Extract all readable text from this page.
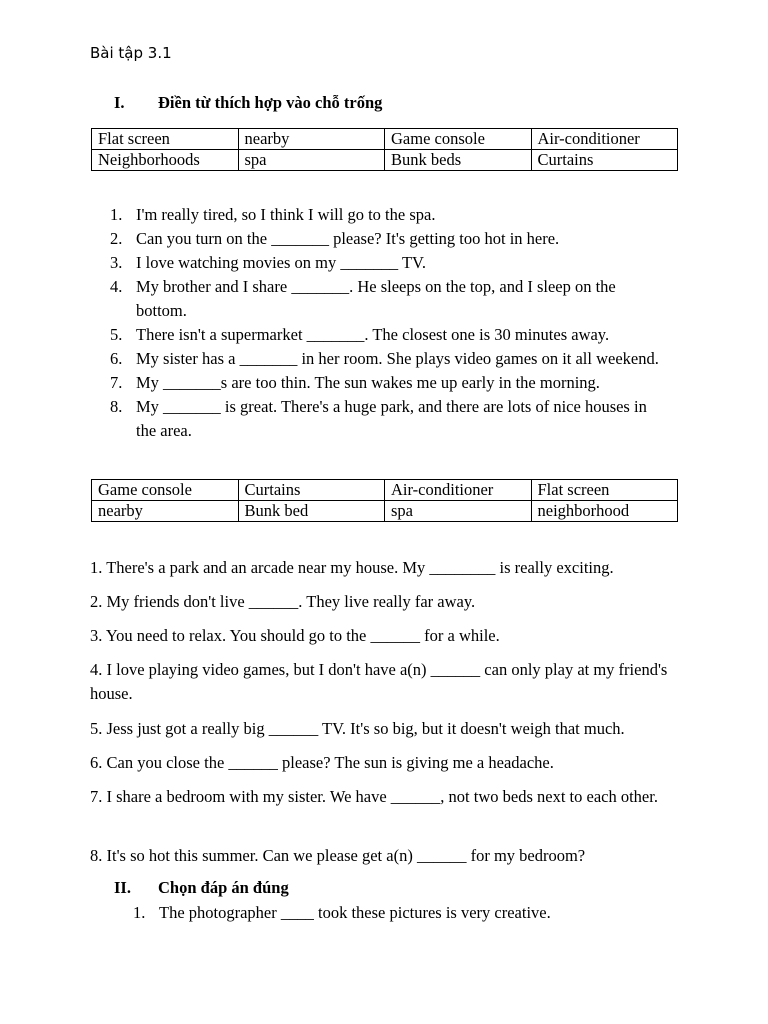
Bài tập 3.1
I. Điền từ thích hợp vào chỗ trống
Flat screen	nearby	Game console	Air-conditioner
Neighborhoods	spa	Bunk beds	Curtains
1. I'm really tired, so I think I will go to the spa.
2. Can you turn on the _______ please? It's getting too hot in here.
3. I love watching movies on my _______ TV.
4. My brother and I share _______. He sleeps on the top, and I sleep on the bottom.
5. There isn't a supermarket _______. The closest one is 30 minutes away.
6. My sister has a _______ in her room. She plays video games on it all weekend.
7. My _______s are too thin. The sun wakes me up early in the morning.
8. My _______ is great. There's a huge park, and there are lots of nice houses in the area.
Game console	Curtains	Air-conditioner	Flat screen
nearby	Bunk bed	spa	neighborhood
1. There's a park and an arcade near my house. My ________ is really exciting.
2. My friends don't live ______. They live really far away.
3. You need to relax. You should go to the ______ for a while.
4. I love playing video games, but I don't have a(n) ______ can only play at my friend's house.
5. Jess just got a really big ______ TV. It's so big, but it doesn't weigh that much.
6. Can you close the ______ please? The sun is giving me a headache.
7. I share a bedroom with my sister. We have ______, not two beds next to each other.
8. It's so hot this summer. Can we please get a(n) ______ for my bedroom?
II. Chọn đáp án đúng
1. The photographer ____ took these pictures is very creative.
